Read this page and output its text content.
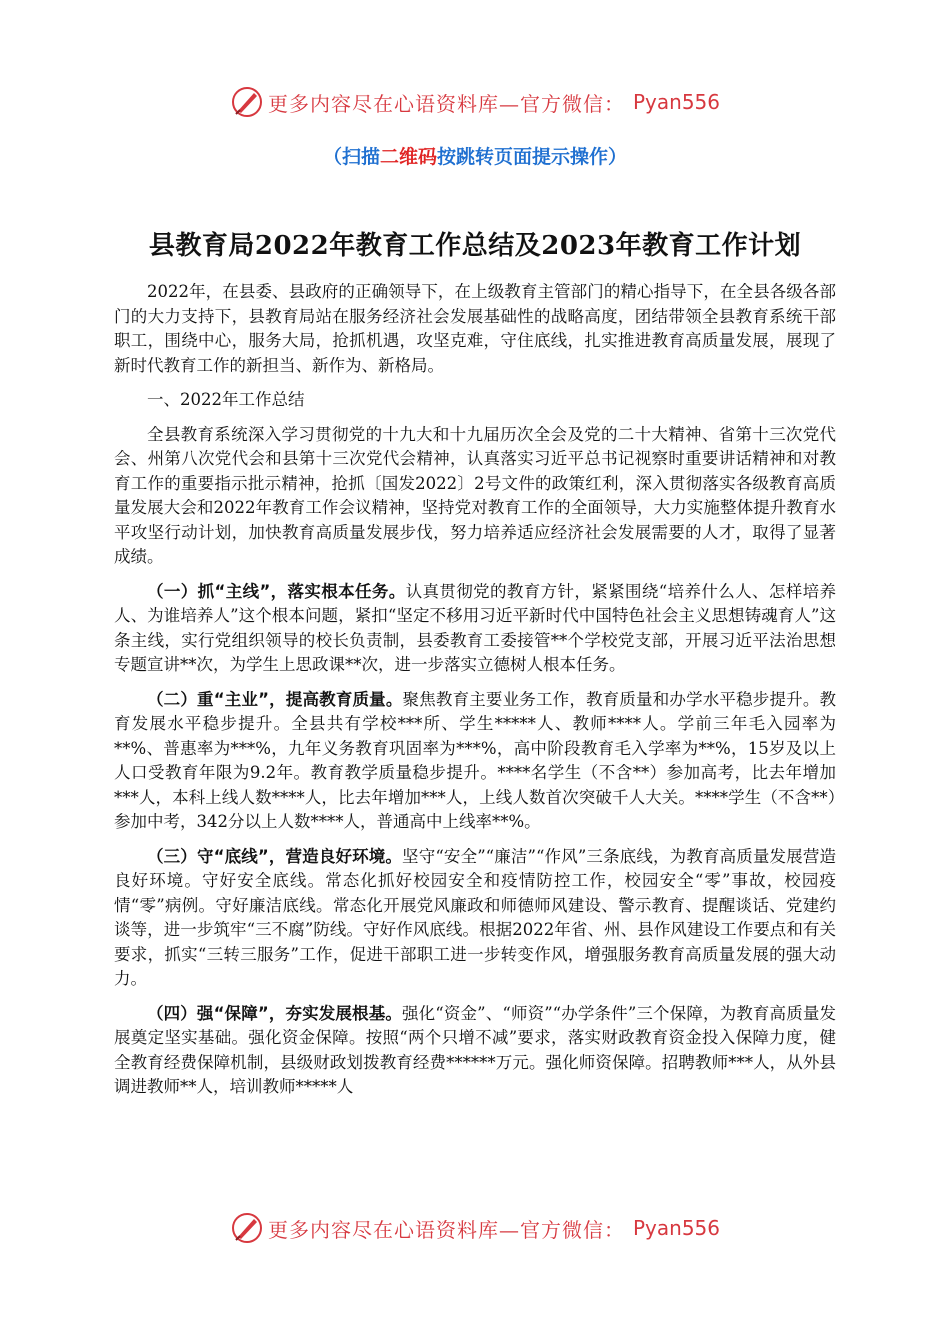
更多内容尽在心语资料库—官方微信： Pyan556
（扫描二维码按跳转页面提示操作）
县教育局2022年教育工作总结及2023年教育工作计划

2022年，在县委、县政府的正确领导下，在上级教育主管部门的精心指导下，在全县各级各部门的大力支持下，县教育局站在服务经济社会发展基础性的战略高度，团结带领全县教育系统干部职工，围绕中心，服务大局，抢抓机遇，攻坚克难，守住底线，扎实推进教育高质量发展，展现了新时代教育工作的新担当、新作为、新格局。

一、2022年工作总结

全县教育系统深入学习贯彻党的十九大和十九届历次全会及党的二十大精神、省第十三次党代会、州第八次党代会和县第十三次党代会精神，认真落实习近平总书记视察时重要讲话精神和对教育工作的重要指示批示精神，抢抓〔国发2022〕2号文件的政策红利，深入贯彻落实各级教育高质量发展大会和2022年教育工作会议精神，坚持党对教育工作的全面领导，大力实施整体提升教育水平攻坚行动计划，加快教育高质量发展步伐，努力培养适应经济社会发展需要的人才，取得了显著成绩。

（一）抓“主线”，落实根本任务。认真贯彻党的教育方针，紧紧围绕“培养什么人、怎样培养人、为谁培养人”这个根本问题，紧扣“坚定不移用习近平新时代中国特色社会主义思想铸魂育人”这条主线，实行党组织领导的校长负责制，县委教育工委接管**个学校党支部，开展习近平法治思想专题宣讲**次，为学生上思政课**次，进一步落实立德树人根本任务。

（二）重“主业”，提高教育质量。聚焦教育主要业务工作，教育质量和办学水平稳步提升。教育发展水平稳步提升。全县共有学校***所、学生*****人、教师****人。学前三年毛入园率为**%、普惠率为***%，九年义务教育巩固率为***%，高中阶段教育毛入学率为**%，15岁及以上人口受教育年限为9.2年。教育教学质量稳步提升。****名学生（不含**）参加高考，比去年增加***人，本科上线人数****人，比去年增加***人，上线人数首次突破千人大关。****学生（不含**）参加中考，342分以上人数****人，普通高中上线率**%。

（三）守“底线”，营造良好环境。坚守“安全”“廉洁”“作风”三条底线，为教育高质量发展营造良好环境。守好安全底线。常态化抓好校园安全和疫情防控工作，校园安全“零”事故，校园疫情“零”病例。守好廉洁底线。常态化开展党风廉政和师德师风建设、警示教育、提醒谈话、党建约谈等，进一步筑牢“三不腐”防线。守好作风底线。根据2022年省、州、县作风建设工作要点和有关要求，抓实“三转三服务”工作，促进干部职工进一步转变作风，增强服务教育高质量发展的强大动力。

（四）强“保障”，夯实发展根基。强化“资金”、“师资”“办学条件”三个保障，为教育高质量发展奠定坚实基础。强化资金保障。按照“两个只增不减”要求，落实财政教育资金投入保障力度，健全教育经费保障机制，县级财政划拨教育经费******万元。强化师资保障。招聘教师***人，从外县调进教师**人，培训教师*****人

更多内容尽在心语资料库—官方微信： Pyan556
